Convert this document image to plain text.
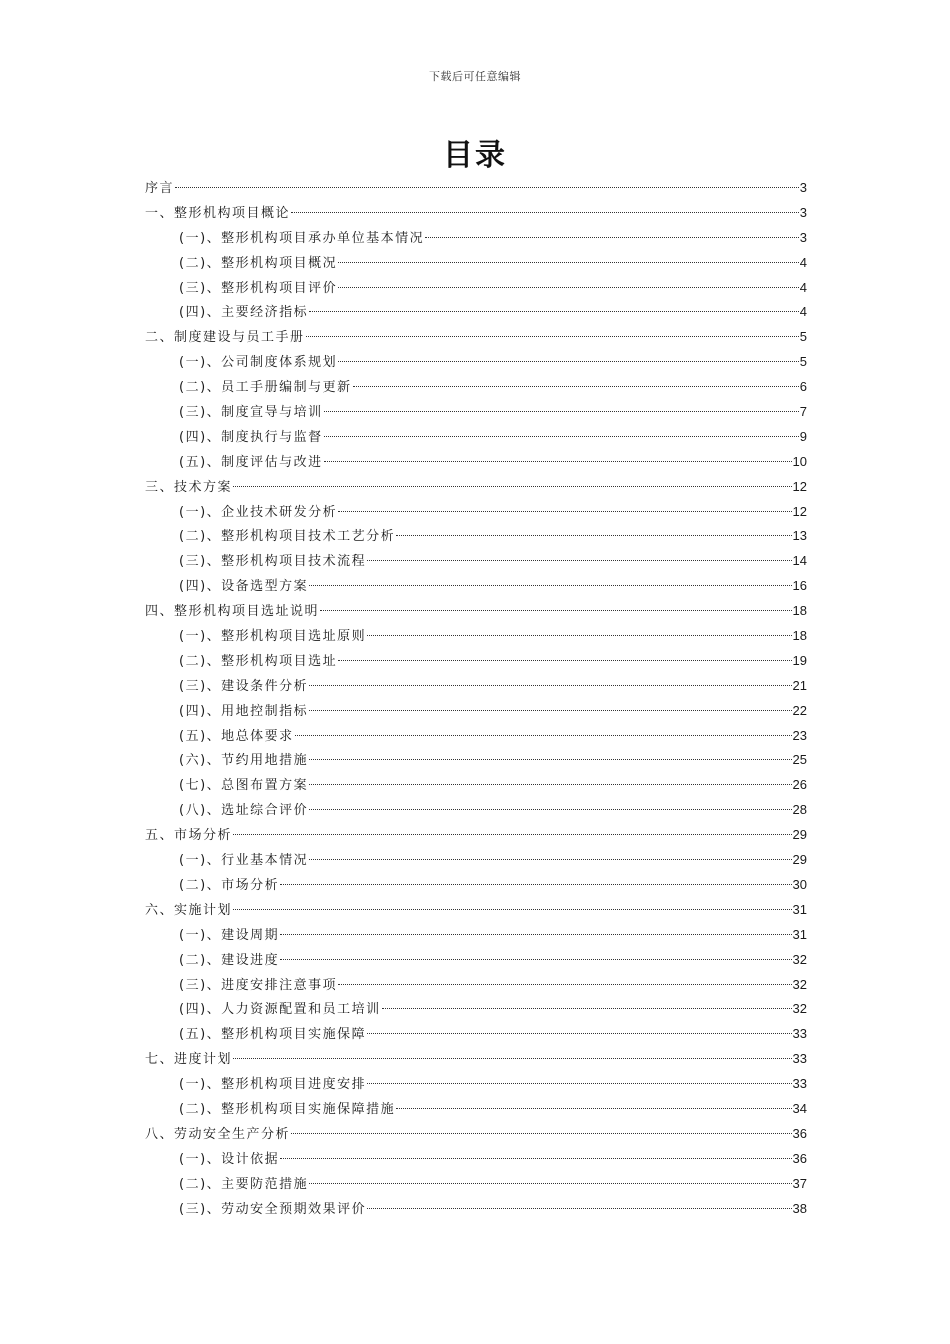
下载后可任意编辑
目录
序言	3
一、整形机构项目概论	3
(一)、整形机构项目承办单位基本情况	3
(二)、整形机构项目概况	4
(三)、整形机构项目评价	4
(四)、主要经济指标	4
二、制度建设与员工手册	5
(一)、公司制度体系规划	5
(二)、员工手册编制与更新	6
(三)、制度宣导与培训	7
(四)、制度执行与监督	9
(五)、制度评估与改进	10
三、技术方案	12
(一)、企业技术研发分析	12
(二)、整形机构项目技术工艺分析	13
(三)、整形机构项目技术流程	14
(四)、设备选型方案	16
四、整形机构项目选址说明	18
(一)、整形机构项目选址原则	18
(二)、整形机构项目选址	19
(三)、建设条件分析	21
(四)、用地控制指标	22
(五)、地总体要求	23
(六)、节约用地措施	25
(七)、总图布置方案	26
(八)、选址综合评价	28
五、市场分析	29
(一)、行业基本情况	29
(二)、市场分析	30
六、实施计划	31
(一)、建设周期	31
(二)、建设进度	32
(三)、进度安排注意事项	32
(四)、人力资源配置和员工培训	32
(五)、整形机构项目实施保障	33
七、进度计划	33
(一)、整形机构项目进度安排	33
(二)、整形机构项目实施保障措施	34
八、劳动安全生产分析	36
(一)、设计依据	36
(二)、主要防范措施	37
(三)、劳动安全预期效果评价	38
